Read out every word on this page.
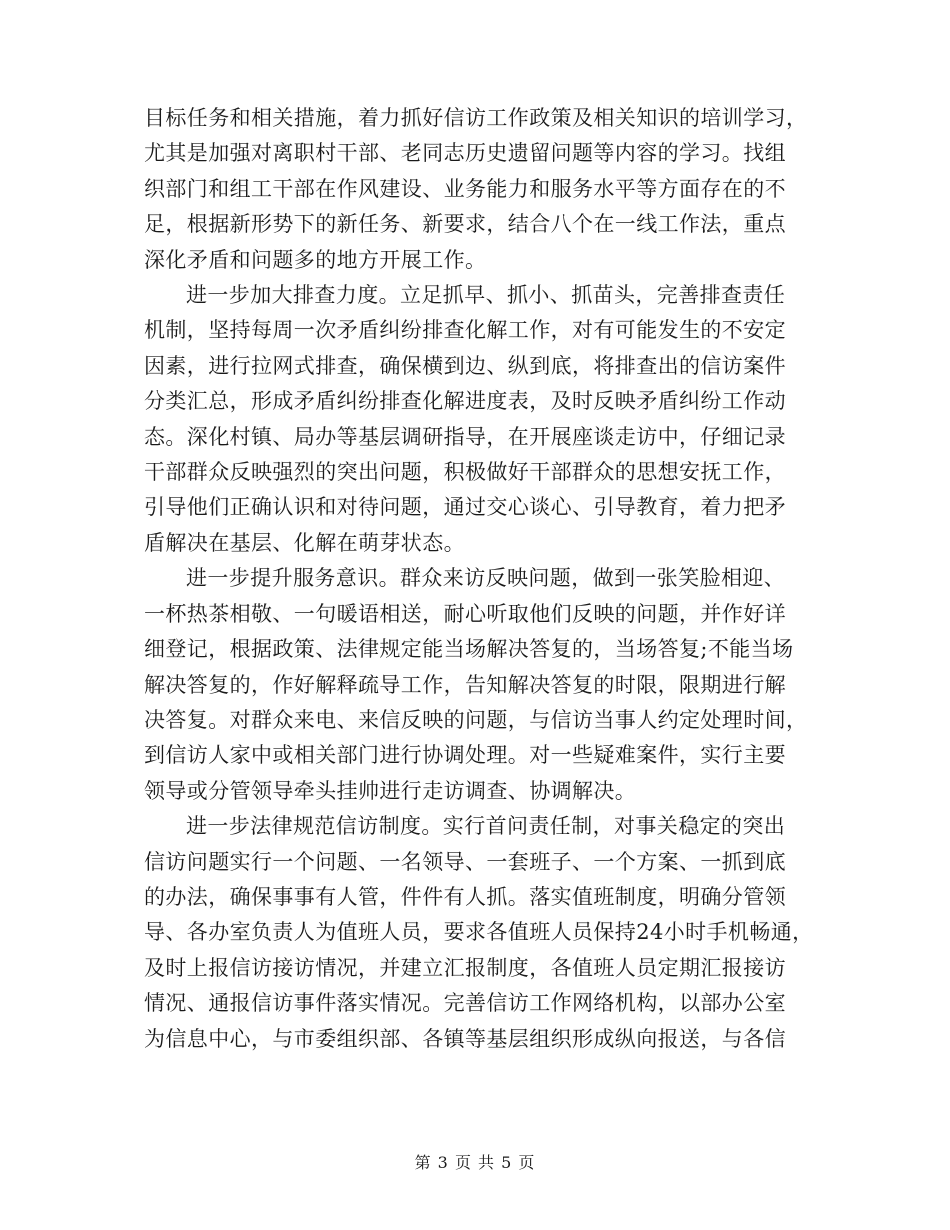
目标任务和相关措施，着力抓好信访工作政策及相关知识的培训学习，
尤其是加强对离职村干部、老同志历史遗留问题等内容的学习。找组
织部门和组工干部在作风建设、业务能力和服务水平等方面存在的不
足，根据新形势下的新任务、新要求，结合八个在一线工作法，重点
深化矛盾和问题多的地方开展工作。

进一步加大排查力度。立足抓早、抓小、抓苗头，完善排查责任
机制，坚持每周一次矛盾纠纷排查化解工作，对有可能发生的不安定
因素，进行拉网式排查，确保横到边、纵到底，将排查出的信访案件
分类汇总，形成矛盾纠纷排查化解进度表，及时反映矛盾纠纷工作动
态。深化村镇、局办等基层调研指导，在开展座谈走访中，仔细记录
干部群众反映强烈的突出问题，积极做好干部群众的思想安抚工作，
引导他们正确认识和对待问题，通过交心谈心、引导教育，着力把矛
盾解决在基层、化解在萌芽状态。

进一步提升服务意识。群众来访反映问题，做到一张笑脸相迎、
一杯热茶相敬、一句暖语相送，耐心听取他们反映的问题，并作好详
细登记，根据政策、法律规定能当场解决答复的，当场答复;不能当场
解决答复的，作好解释疏导工作，告知解决答复的时限，限期进行解
决答复。对群众来电、来信反映的问题，与信访当事人约定处理时间，
到信访人家中或相关部门进行协调处理。对一些疑难案件，实行主要
领导或分管领导牵头挂帅进行走访调查、协调解决。

进一步法律规范信访制度。实行首问责任制，对事关稳定的突出
信访问题实行一个问题、一名领导、一套班子、一个方案、一抓到底
的办法，确保事事有人管，件件有人抓。落实值班制度，明确分管领
导、各办室负责人为值班人员，要求各值班人员保持24小时手机畅通，
及时上报信访接访情况，并建立汇报制度，各值班人员定期汇报接访
情况、通报信访事件落实情况。完善信访工作网络机构，以部办公室
为信息中心，与市委组织部、各镇等基层组织形成纵向报送，与各信

第 3 页 共 5 页
